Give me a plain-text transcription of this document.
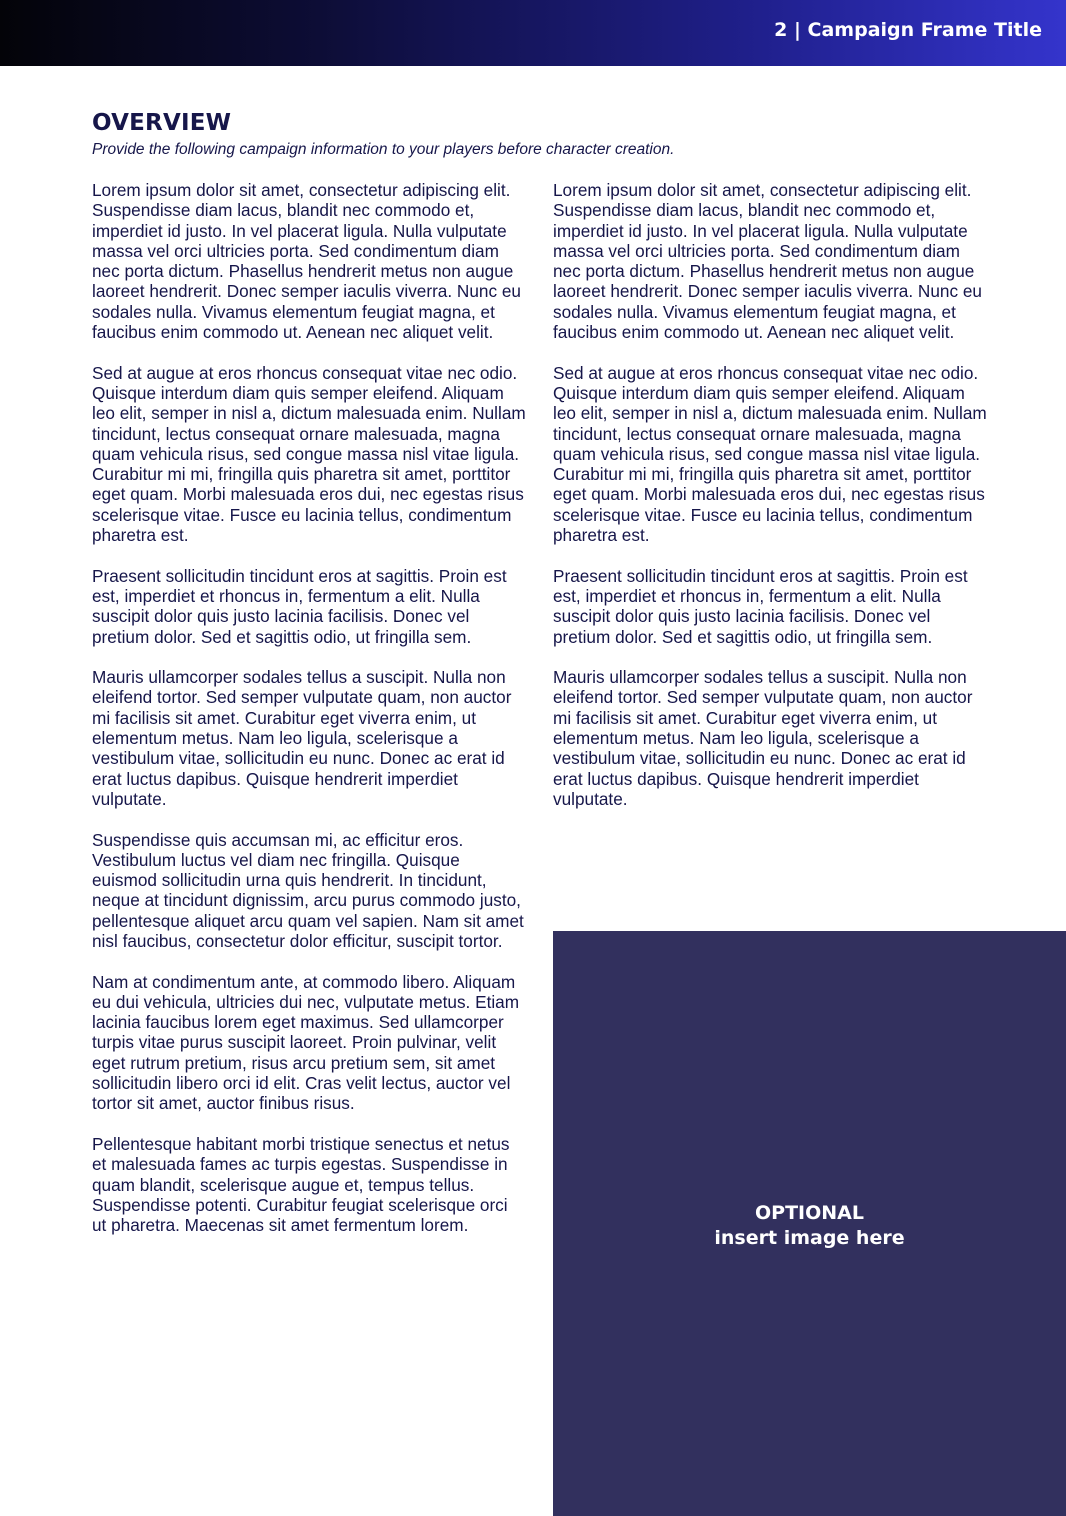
2 | Campaign Frame Title
OVERVIEW

Provide the following campaign information to your players before character creation.

Lorem ipsum dolor sit amet, consectetur adipiscing elit. Suspendisse diam lacus, blandit nec commodo et, imperdiet id justo. In vel placerat ligula. Nulla vulputate massa vel orci ultricies porta. Sed condimentum diam nec porta dictum. Phasellus hendrerit metus non augue laoreet hendrerit. Donec semper iaculis viverra. Nunc eu sodales nulla. Vivamus elementum feugiat magna, et faucibus enim commodo ut. Aenean nec aliquet velit.

Sed at augue at eros rhoncus consequat vitae nec odio. Quisque interdum diam quis semper eleifend. Aliquam leo elit, semper in nisl a, dictum malesuada enim. Nullam tincidunt, lectus consequat ornare malesuada, magna quam vehicula risus, sed congue massa nisl vitae ligula. Curabitur mi mi, fringilla quis pharetra sit amet, porttitor eget quam. Morbi malesuada eros dui, nec egestas risus scelerisque vitae. Fusce eu lacinia tellus, condimentum pharetra est.

Praesent sollicitudin tincidunt eros at sagittis. Proin est est, imperdiet et rhoncus in, fermentum a elit. Nulla suscipit dolor quis justo lacinia facilisis. Donec vel pretium dolor. Sed et sagittis odio, ut fringilla sem.

Mauris ullamcorper sodales tellus a suscipit. Nulla non eleifend tortor. Sed semper vulputate quam, non auctor mi facilisis sit amet. Curabitur eget viverra enim, ut elementum metus. Nam leo ligula, scelerisque a vestibulum vitae, sollicitudin eu nunc. Donec ac erat id erat luctus dapibus. Quisque hendrerit imperdiet vulputate.

Suspendisse quis accumsan mi, ac efficitur eros. Vestibulum luctus vel diam nec fringilla. Quisque euismod sollicitudin urna quis hendrerit. In tincidunt, neque at tincidunt dignissim, arcu purus commodo justo, pellentesque aliquet arcu quam vel sapien. Nam sit amet nisl faucibus, consectetur dolor efficitur, suscipit tortor.

Nam at condimentum ante, at commodo libero. Aliquam eu dui vehicula, ultricies dui nec, vulputate metus. Etiam lacinia faucibus lorem eget maximus. Sed ullamcorper turpis vitae purus suscipit laoreet. Proin pulvinar, velit eget rutrum pretium, risus arcu pretium sem, sit amet sollicitudin libero orci id elit. Cras velit lectus, auctor vel tortor sit amet, auctor finibus risus.

Pellentesque habitant morbi tristique senectus et netus et malesuada fames ac turpis egestas. Suspendisse in quam blandit, scelerisque augue et, tempus tellus. Suspendisse potenti. Curabitur feugiat scelerisque orci ut pharetra. Maecenas sit amet fermentum lorem.

Lorem ipsum dolor sit amet, consectetur adipiscing elit. Suspendisse diam lacus, blandit nec commodo et, imperdiet id justo. In vel placerat ligula. Nulla vulputate massa vel orci ultricies porta. Sed condimentum diam nec porta dictum. Phasellus hendrerit metus non augue laoreet hendrerit. Donec semper iaculis viverra. Nunc eu sodales nulla. Vivamus elementum feugiat magna, et faucibus enim commodo ut. Aenean nec aliquet velit.

Sed at augue at eros rhoncus consequat vitae nec odio. Quisque interdum diam quis semper eleifend. Aliquam leo elit, semper in nisl a, dictum malesuada enim. Nullam tincidunt, lectus consequat ornare malesuada, magna quam vehicula risus, sed congue massa nisl vitae ligula. Curabitur mi mi, fringilla quis pharetra sit amet, porttitor eget quam. Morbi malesuada eros dui, nec egestas risus scelerisque vitae. Fusce eu lacinia tellus, condimentum pharetra est.

Praesent sollicitudin tincidunt eros at sagittis. Proin est est, imperdiet et rhoncus in, fermentum a elit. Nulla suscipit dolor quis justo lacinia facilisis. Donec vel pretium dolor. Sed et sagittis odio, ut fringilla sem.

Mauris ullamcorper sodales tellus a suscipit. Nulla non eleifend tortor. Sed semper vulputate quam, non auctor mi facilisis sit amet. Curabitur eget viverra enim, ut elementum metus. Nam leo ligula, scelerisque a vestibulum vitae, sollicitudin eu nunc. Donec ac erat id erat luctus dapibus. Quisque hendrerit imperdiet vulputate.

OPTIONAL
insert image here
